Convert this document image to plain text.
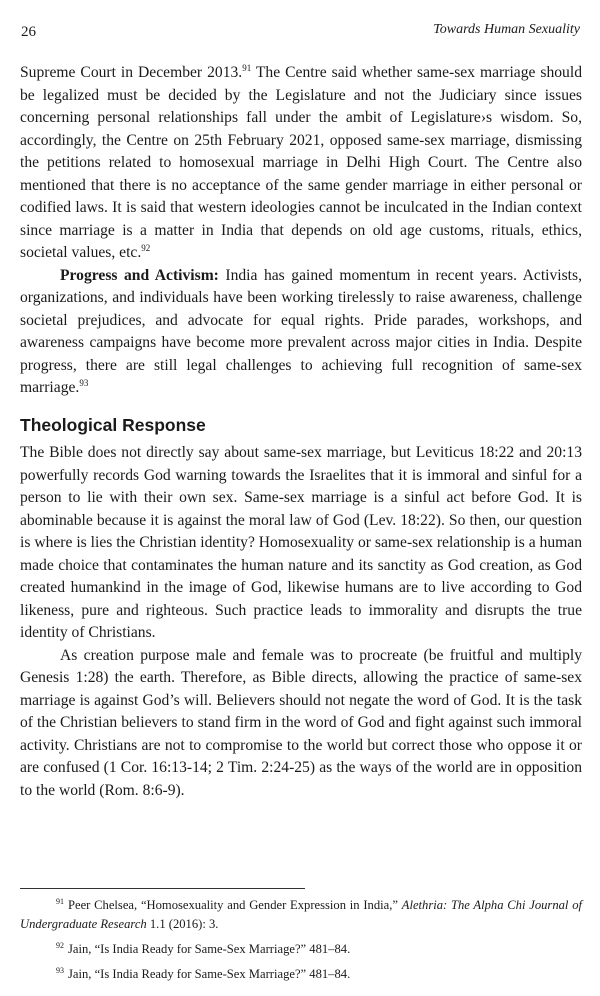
26	Towards Human Sexuality

Supreme Court in December 2013.91 The Centre said whether same-sex marriage should be legalized must be decided by the Legislature and not the Judiciary since issues concerning personal relationships fall under the ambit of Legislature›s wisdom. So, accordingly, the Centre on 25th February 2021, opposed same-sex marriage, dismissing the petitions related to homosexual marriage in Delhi High Court. The Centre also mentioned that there is no acceptance of the same gender marriage in either personal or codified laws. It is said that western ideologies cannot be inculcated in the Indian context since marriage is a matter in India that depends on old age customs, rituals, ethics, societal values, etc.$^{92}$

Progress and Activism: India has gained momentum in recent years. Activists, organizations, and individuals have been working tirelessly to raise awareness, challenge societal prejudices, and advocate for equal rights. Pride parades, workshops, and awareness campaigns have become more prevalent across major cities in India. Despite progress, there are still legal challenges to achieving full recognition of same-sex marriage.$^{93}$

Theological Response

The Bible does not directly say about same-sex marriage, but Leviticus 18:22 and 20:13 powerfully records God warning towards the Israelites that it is immoral and sinful for a person to lie with their own sex. Same-sex marriage is a sinful act before God. It is abominable because it is against the moral law of God (Lev. 18:22). So then, our question is where is lies the Christian identity? Homosexuality or same-sex relationship is a human made choice that contaminates the human nature and its sanctity as God creation, as God created humankind in the image of God, likewise humans are to live according to God likeness, pure and righteous. Such practice leads to immorality and disrupts the true identity of Christians.

As creation purpose male and female was to procreate (be fruitful and multiply Genesis 1:28) the earth. Therefore, as Bible directs, allowing the practice of same-sex marriage is against God’s will. Believers should not negate the word of God. It is the task of the Christian believers to stand firm in the word of God and fight against such immoral activity. Christians are not to compromise to the world but correct those who oppose it or are confused (1 Cor. 16:13-14; 2 Tim. 2:24-25) as the ways of the world are in opposition to the world (Rom. 8:6-9).

$^{91}$ Peer Chelsea, “Homosexuality and Gender Expression in India,” Alethria: The Alpha Chi Journal of Undergraduate Research 1.1 (2016): 3.

$^{92}$ Jain, “Is India Ready for Same-Sex Marriage?” 481–84.

$^{93}$ Jain, “Is India Ready for Same-Sex Marriage?” 481–84.
